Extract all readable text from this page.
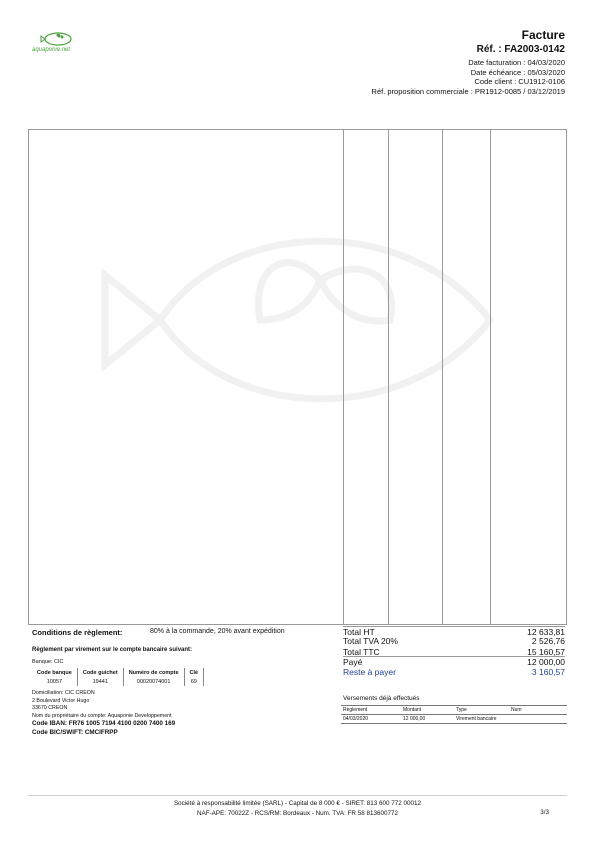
aquaponie.net
Facture
Réf. : FA2003-0142
Date facturation : 04/03/2020
Date échéance : 05/03/2020
Code client : CU1912-0106
Réf. proposition commerciale : PR1912-0085 / 03/12/2019
Conditions de règlement:	80% à la commande, 20% avant expédition
Règlement par virement sur le compte bancaire suivant:
Banque: CIC
Code banque	Code guichet	Numéro de compte	Clé
10057	19441	00020074001	69
Domiciliation: CIC CREON
2 Boulevard Victor Hugo
33670 CREON
Nom du propriétaire du compte: Aquaponie Developpement
Code IBAN: FR76 1005 7194 4100 0200 7400 169
Code BIC/SWIFT: CMCIFRPP
Total HT	12 633,81
Total TVA 20%	2 526,76
Total TTC	15 160,57
Payé	12 000,00
Reste à payer	3 160,57
Versements déjà effectués
Règlement	Montant	Type	Num
04/03/2020	12 000,00	Virement bancaire	
Société à responsabilité limitée (SARL) - Capital de 8 000 € - SIRET: 813 600 772 00012
NAF-APE: 70022Z - RCS/RM: Bordeaux - Num. TVA: FR 58 813600772	3/3
